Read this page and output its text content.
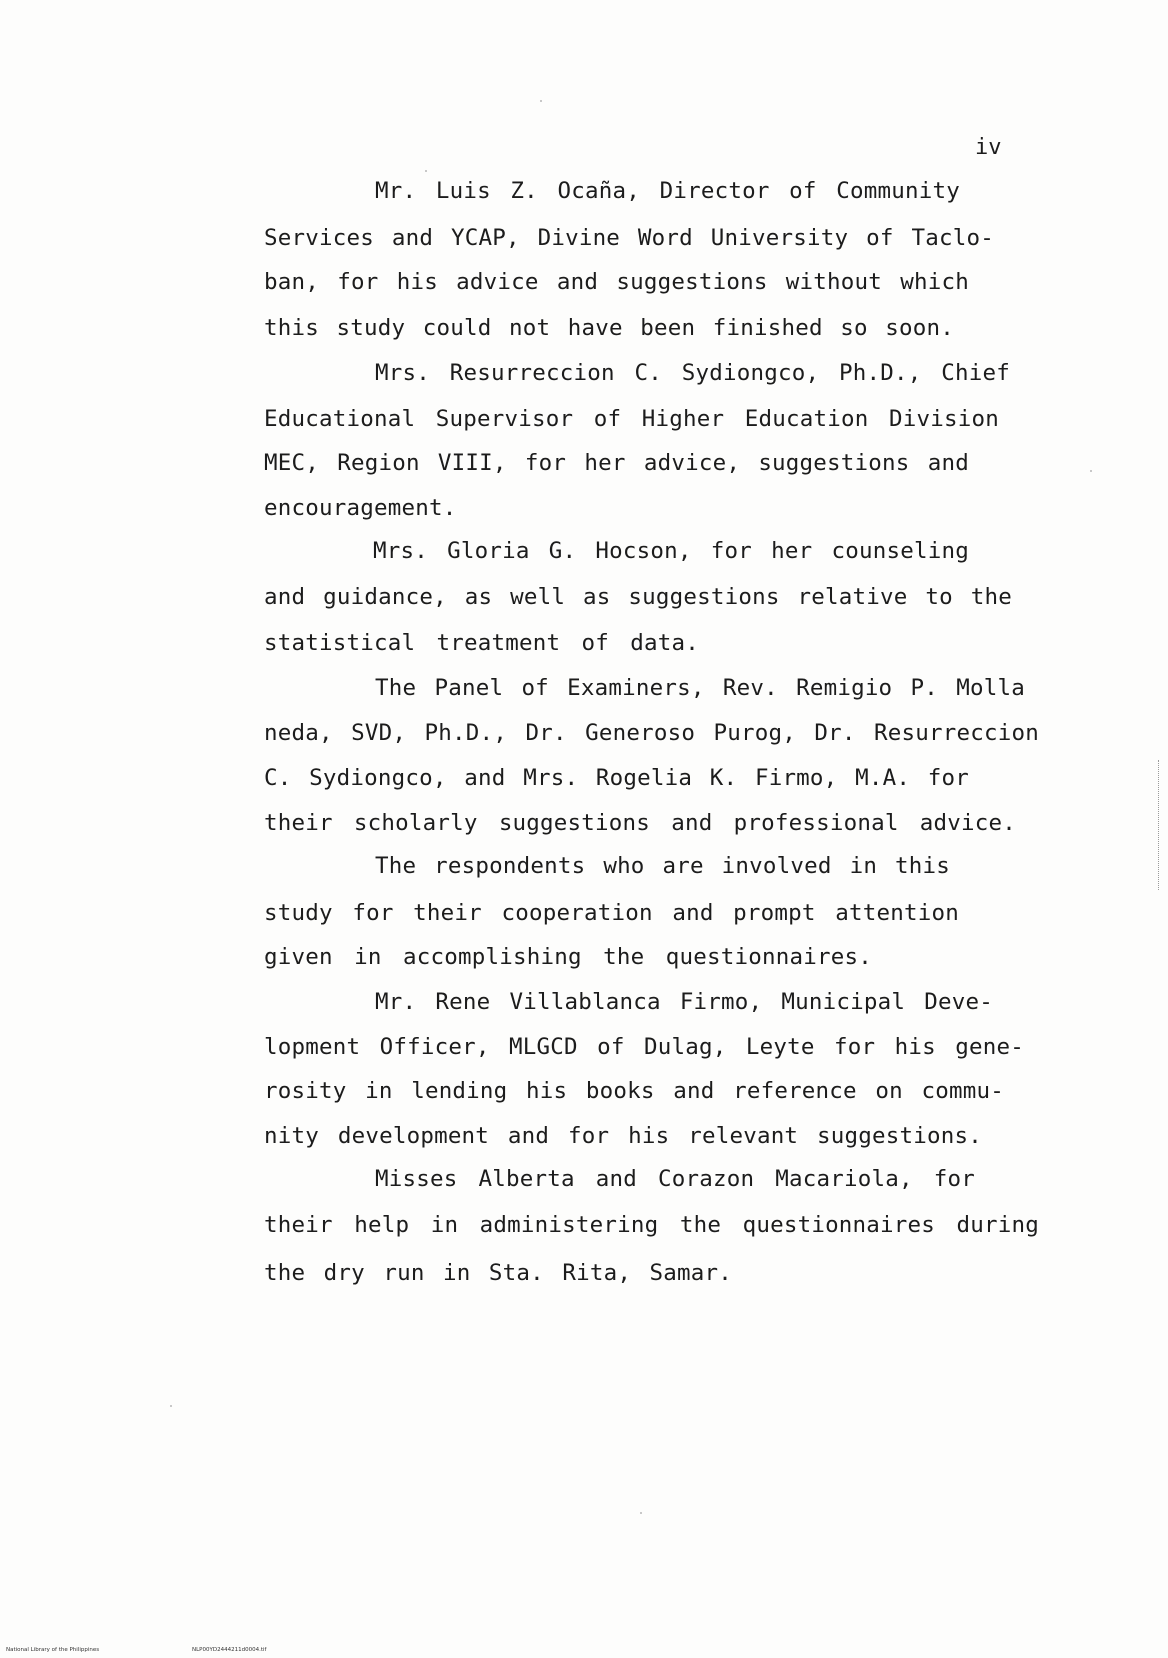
iv
Mr. Luis Z. Ocaña, Director of Community
Services and YCAP, Divine Word University of Taclo-
ban, for his advice and suggestions without which
this study could not have been finished so soon.
Mrs. Resurreccion C. Sydiongco, Ph.D., Chief
Educational Supervisor of Higher Education Division
MEC, Region VIII, for her advice, suggestions and
encouragement.
Mrs. Gloria G. Hocson, for her counseling
and guidance, as well as suggestions relative to the
statistical treatment of data.
The Panel of Examiners, Rev. Remigio P. Molla
neda, SVD, Ph.D., Dr. Generoso Purog, Dr. Resurreccion
C. Sydiongco, and Mrs. Rogelia K. Firmo, M.A. for
their scholarly suggestions and professional advice.
The respondents who are involved in this
study for their cooperation and prompt attention
given in accomplishing the questionnaires.
Mr. Rene Villablanca Firmo, Municipal Deve-
lopment Officer, MLGCD of Dulag, Leyte for his gene-
rosity in lending his books and reference on commu-
nity development and for his relevant suggestions.
Misses Alberta and Corazon Macariola, for
their help in administering the questionnaires during
the dry run in Sta. Rita, Samar.
National Library of the Philippines	NLP00YD2444211d0004.tif
